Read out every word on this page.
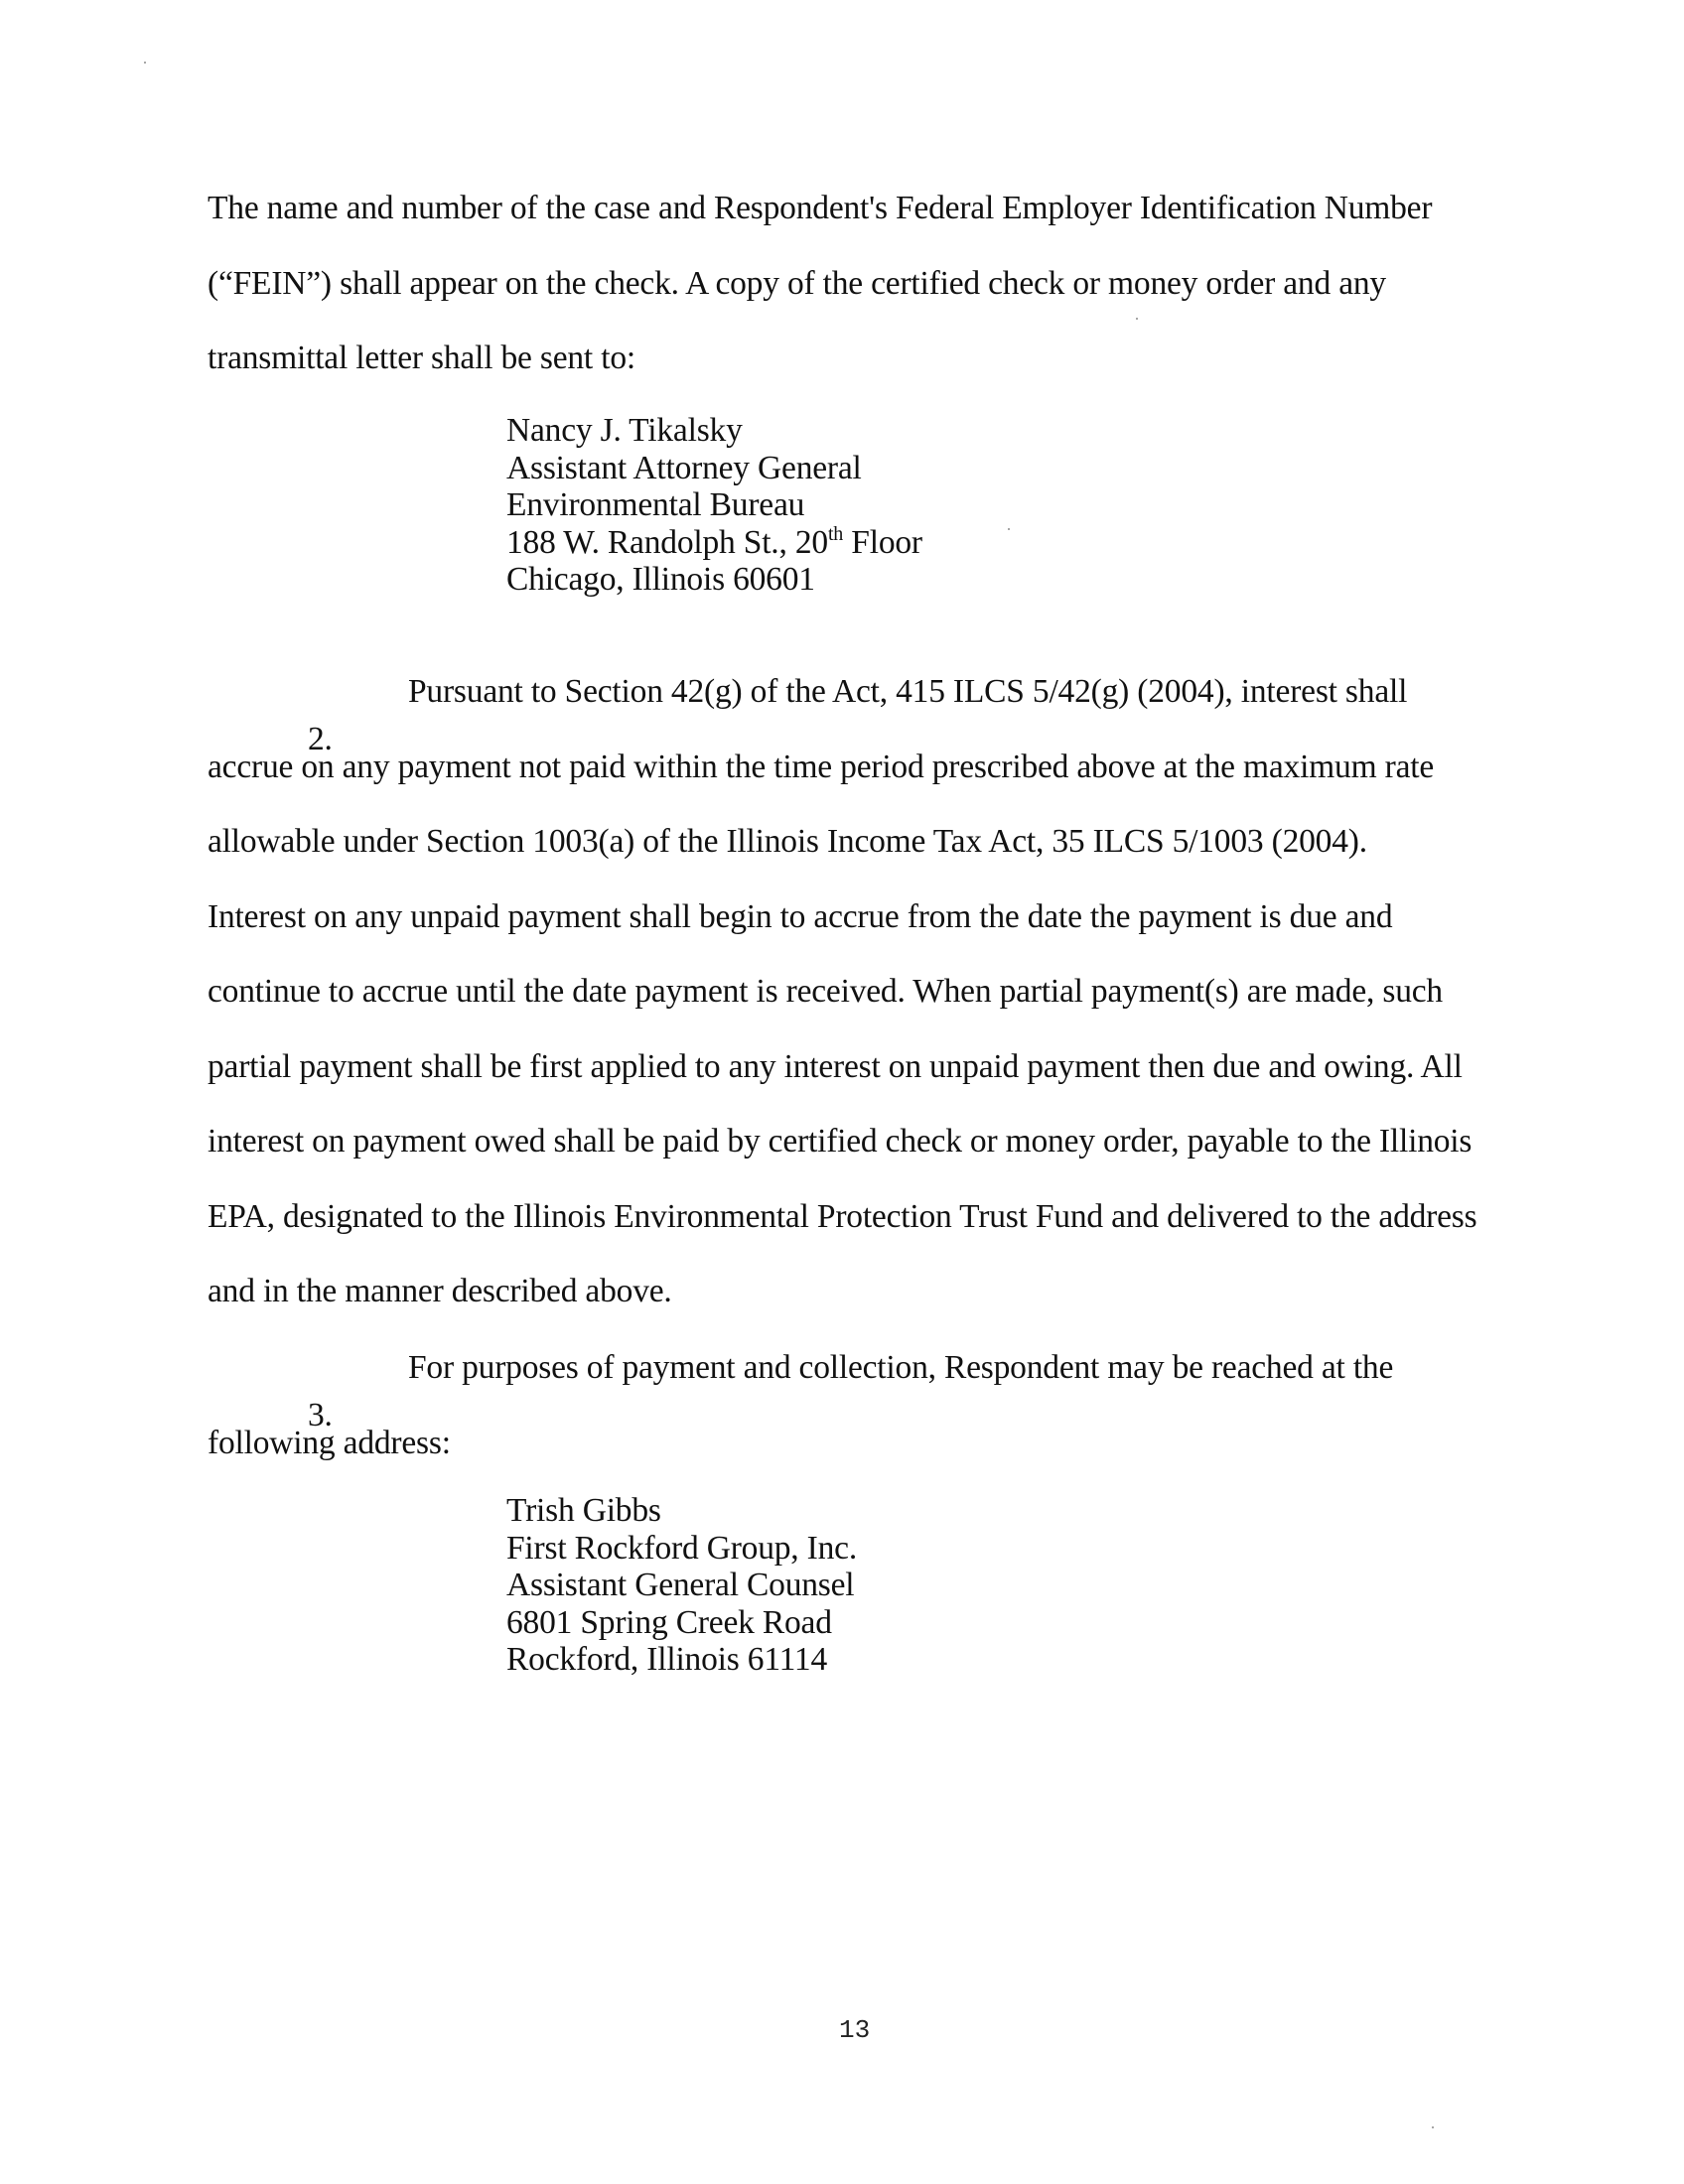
The name and number of the case and Respondent's Federal Employer Identification Number
(“FEIN”) shall appear on the check. A copy of the certified check or money order and any
transmittal letter shall be sent to:
Nancy J. Tikalsky
Assistant Attorney General
Environmental Bureau
188 W. Randolph St., 20th Floor
Chicago, Illinois 60601
2.
Pursuant to Section 42(g) of the Act, 415 ILCS 5/42(g) (2004), interest shall
accrue on any payment not paid within the time period prescribed above at the maximum rate
allowable under Section 1003(a) of the Illinois Income Tax Act, 35 ILCS 5/1003 (2004).
Interest on any unpaid payment shall begin to accrue from the date the payment is due and
continue to accrue until the date payment is received. When partial payment(s) are made, such
partial payment shall be first applied to any interest on unpaid payment then due and owing. All
interest on payment owed shall be paid by certified check or money order, payable to the Illinois
EPA, designated to the Illinois Environmental Protection Trust Fund and delivered to the address
and in the manner described above.
3.
For purposes of payment and collection, Respondent may be reached at the
following address:
Trish Gibbs
First Rockford Group, Inc.
Assistant General Counsel
6801 Spring Creek Road
Rockford, Illinois 61114
13
